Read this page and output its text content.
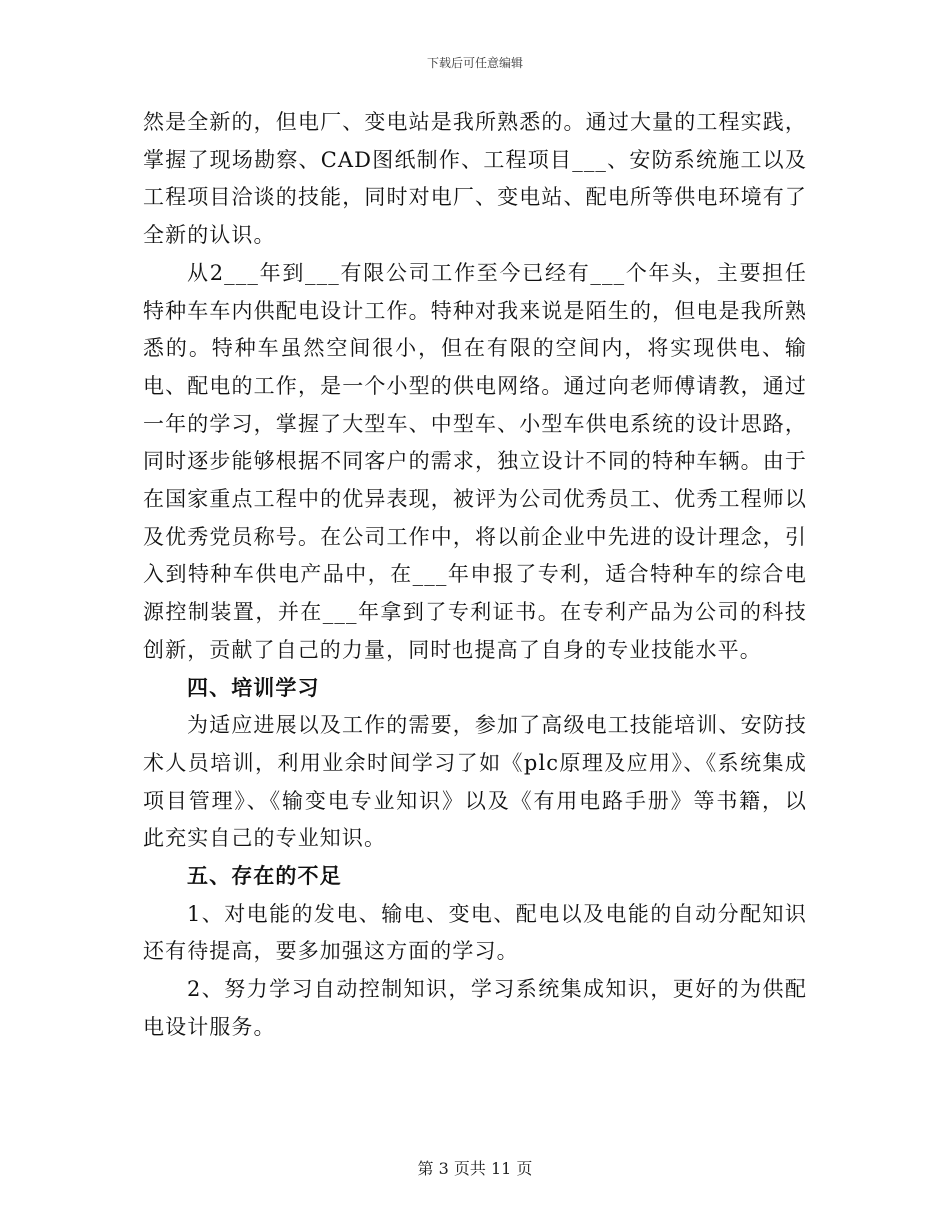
下载后可任意编辑

然是全新的，但电厂、变电站是我所熟悉的。通过大量的工程实践，掌握了现场勘察、CAD图纸制作、工程项目___、安防系统施工以及工程项目洽谈的技能，同时对电厂、变电站、配电所等供电环境有了全新的认识。

从2___年到___有限公司工作至今已经有___个年头，主要担任特种车车内供配电设计工作。特种对我来说是陌生的，但电是我所熟悉的。特种车虽然空间很小，但在有限的空间内，将实现供电、输电、配电的工作，是一个小型的供电网络。通过向老师傅请教，通过一年的学习，掌握了大型车、中型车、小型车供电系统的设计思路，同时逐步能够根据不同客户的需求，独立设计不同的特种车辆。由于在国家重点工程中的优异表现，被评为公司优秀员工、优秀工程师以及优秀党员称号。在公司工作中，将以前企业中先进的设计理念，引入到特种车供电产品中，在___年申报了专利，适合特种车的综合电源控制装置，并在___年拿到了专利证书。在专利产品为公司的科技创新，贡献了自己的力量，同时也提高了自身的专业技能水平。

四、培训学习

为适应进展以及工作的需要，参加了高级电工技能培训、安防技术人员培训，利用业余时间学习了如《plc原理及应用》、《系统集成项目管理》、《输变电专业知识》以及《有用电路手册》等书籍，以此充实自己的专业知识。

五、存在的不足

1、对电能的发电、输电、变电、配电以及电能的自动分配知识还有待提高，要多加强这方面的学习。

2、努力学习自动控制知识，学习系统集成知识，更好的为供配电设计服务。

第 3 页共 11 页
